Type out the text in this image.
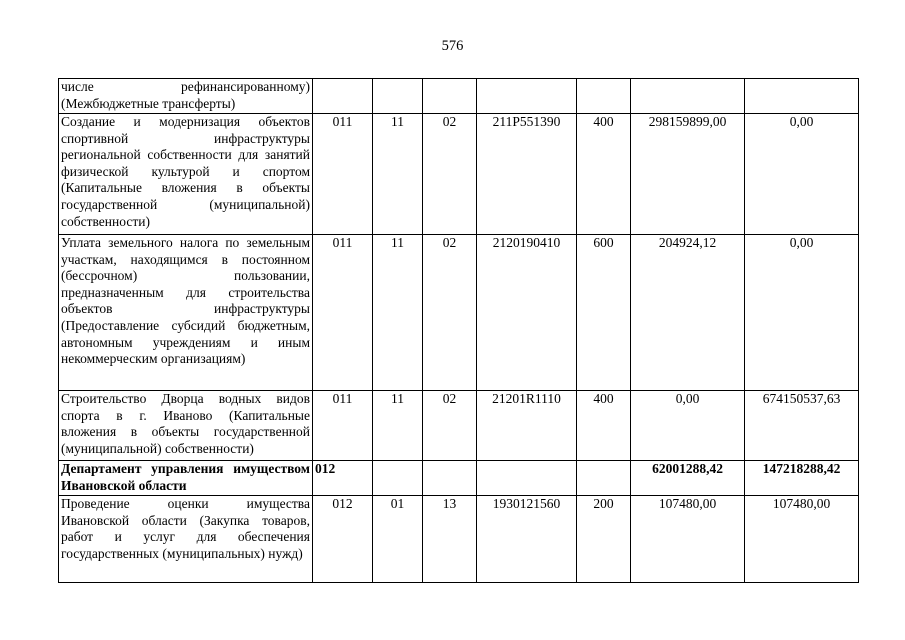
576
числе рефинансированному) (Межбюджетные трансферты)							
Создание и модернизация объектов спортивной инфраструктуры региональной собственности для занятий физической культурой и спортом (Капитальные вложения в объекты государственной (муниципальной) собственности)	011	11	02	211P551390	400	298159899,00	0,00
Уплата земельного налога по земельным участкам, находящимся в постоянном (бессрочном) пользовании, предназначенным для строительства объектов инфраструктуры (Предоставление субсидий бюджетным, автономным учреждениям и иным некоммерческим организациям)	011	11	02	2120190410	600	204924,12	0,00
Строительство Дворца водных видов спорта в г. Иваново (Капитальные вложения в объекты государственной (муниципальной) собственности)	011	11	02	21201R1110	400	0,00	674150537,63
Департамент управления имуществом Ивановской области	012					62001288,42	147218288,42
Проведение оценки имущества Ивановской области (Закупка товаров, работ и услуг для обеспечения государственных (муниципальных) нужд)	012	01	13	1930121560	200	107480,00	107480,00
